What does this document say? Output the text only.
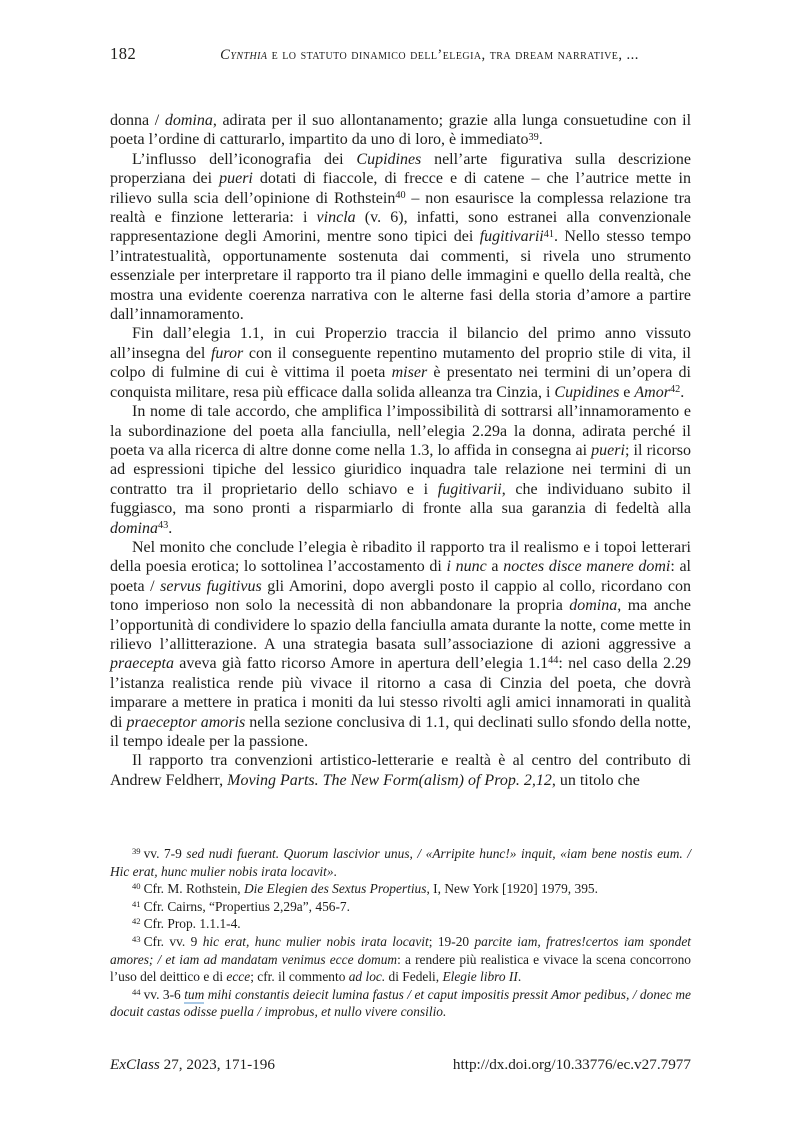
182	Cynthia e lo statuto dinamico dell’elegia, tra dream narrative, ...

donna / domina, adirata per il suo allontanamento; grazie alla lunga consuetudine con il poeta l’ordine di catturarlo, impartito da uno di loro, è immediato$^{39}$.

L’influsso dell’iconografia dei Cupidines nell’arte figurativa sulla descrizione properziana dei pueri dotati di fiaccole, di frecce e di catene – che l’autrice mette in rilievo sulla scia dell’opinione di Rothstein$^{40}$ – non esaurisce la complessa relazione tra realtà e finzione letteraria: i vincla (v. 6), infatti, sono estranei alla convenzionale rappresentazione degli Amorini, mentre sono tipici dei fugitivarii$^{41}$. Nello stesso tempo l’intratestualità, opportunamente sostenuta dai commenti, si rivela uno strumento essenziale per interpretare il rapporto tra il piano delle immagini e quello della realtà, che mostra una evidente coerenza narrativa con le alterne fasi della storia d’amore a partire dall’innamoramento.

Fin dall’elegia 1.1, in cui Properzio traccia il bilancio del primo anno vissuto all’insegna del furor con il conseguente repentino mutamento del proprio stile di vita, il colpo di fulmine di cui è vittima il poeta miser è presentato nei termini di un’opera di conquista militare, resa più efficace dalla solida alleanza tra Cinzia, i Cupidines e Amor$^{42}$.

In nome di tale accordo, che amplifica l’impossibilità di sottrarsi all’innamoramento e la subordinazione del poeta alla fanciulla, nell’elegia 2.29a la donna, adirata perché il poeta va alla ricerca di altre donne come nella 1.3, lo affida in consegna ai pueri; il ricorso ad espressioni tipiche del lessico giuridico inquadra tale relazione nei termini di un contratto tra il proprietario dello schiavo e i fugitivarii, che individuano subito il fuggiasco, ma sono pronti a risparmiarlo di fronte alla sua garanzia di fedeltà alla domina$^{43}$.

Nel monito che conclude l’elegia è ribadito il rapporto tra il realismo e i topoi letterari della poesia erotica; lo sottolinea l’accostamento di i nunc a noctes disce manere domi: al poeta / servus fugitivus gli Amorini, dopo avergli posto il cappio al collo, ricordano con tono imperioso non solo la necessità di non abbandonare la propria domina, ma anche l’opportunità di condividere lo spazio della fanciulla amata durante la notte, come mette in rilievo l’allitterazione. A una strategia basata sull’associazione di azioni aggressive a praecepta aveva già fatto ricorso Amore in apertura dell’elegia $1.1^{44}$: nel caso della 2.29 l’istanza realistica rende più vivace il ritorno a casa di Cinzia del poeta, che dovrà imparare a mettere in pratica i moniti da lui stesso rivolti agli amici innamorati in qualità di praeceptor amoris nella sezione conclusiva di 1.1, qui declinati sullo sfondo della notte, il tempo ideale per la passione.

Il rapporto tra convenzioni artistico-letterarie e realtà è al centro del contributo di Andrew Feldherr, Moving Parts. The New Form(alism) of Prop. 2,12, un titolo che

$^{39}$ vv. 7-9 sed nudi fuerant. Quorum lascivior unus, / «Arripite hunc!» inquit, «iam bene nostis eum. / Hic erat, hunc mulier nobis irata locavit».

$^{40}$ Cfr. M. Rothstein, Die Elegien des Sextus Propertius, I, New York [1920] 1979, 395.

$^{41}$ Cfr. Cairns, “Propertius 2,29a”, 456-7.

$^{42}$ Cfr. Prop. 1.1.1-4.

$^{43}$ Cfr. vv. 9 hic erat, hunc mulier nobis irata locavit; 19-20 parcite iam, fratres!certos iam spondet amores; / et iam ad mandatam venimus ecce domum: a rendere più realistica e vivace la scena concorrono l’uso del deittico e di ecce; cfr. il commento ad loc. di Fedeli, Elegie libro II.

$^{44}$ vv. 3-6 tum mihi constantis deiecit lumina fastus / et caput impositis pressit Amor pedibus, / donec me docuit castas odisse puella / improbus, et nullo vivere consilio.

ExClass 27, 2023, 171-196	http://dx.doi.org/10.33776/ec.v27.7977
